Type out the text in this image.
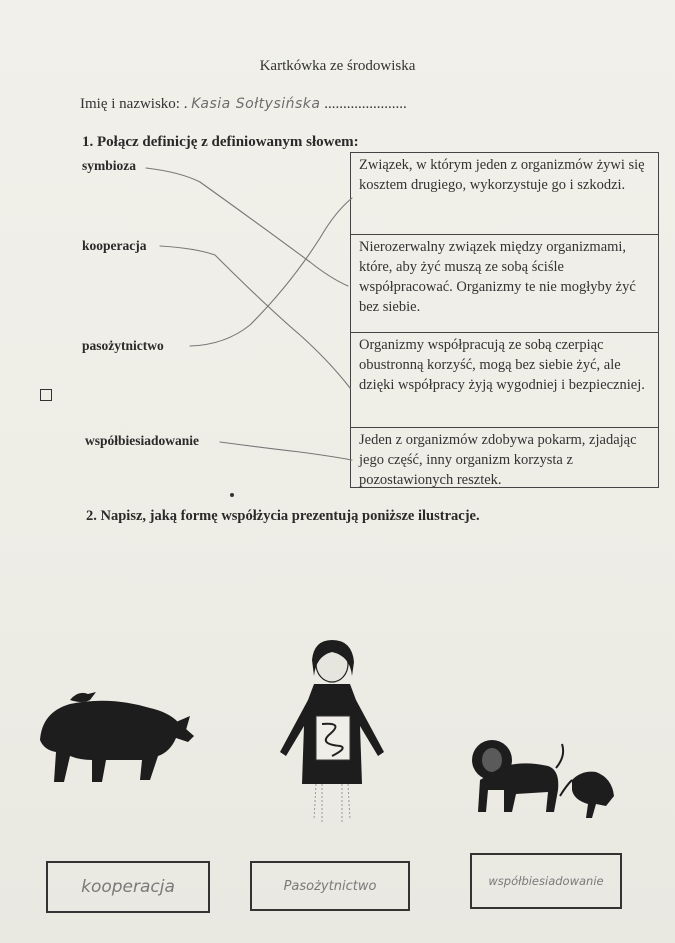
Kartkówka ze środowiska
Imię i nazwisko: . Kasia Sołtysińska ......................
1. Połącz definicję z definiowanym słowem:
symbioza
kooperacja
pasożytnictwo
współbiesiadowanie
Związek, w którym jeden z organizmów żywi się kosztem drugiego, wykorzystuje go i szkodzi.
Nierozerwalny związek między organizmami, które, aby żyć muszą ze sobą ściśle współpracować. Organizmy te nie mogłyby żyć bez siebie.
Organizmy współpracują ze sobą czerpiąc obustronną korzyść, mogą bez siebie żyć, ale dzięki współpracy żyją wygodniej i bezpieczniej.
Jeden z organizmów zdobywa pokarm, zjadając jego część, inny organizm korzysta z pozostawionych resztek.
2. Napisz, jaką formę współżycia prezentują poniższe ilustracje.
kooperacja	Pasożytnictwo	współbiesiadowanie
